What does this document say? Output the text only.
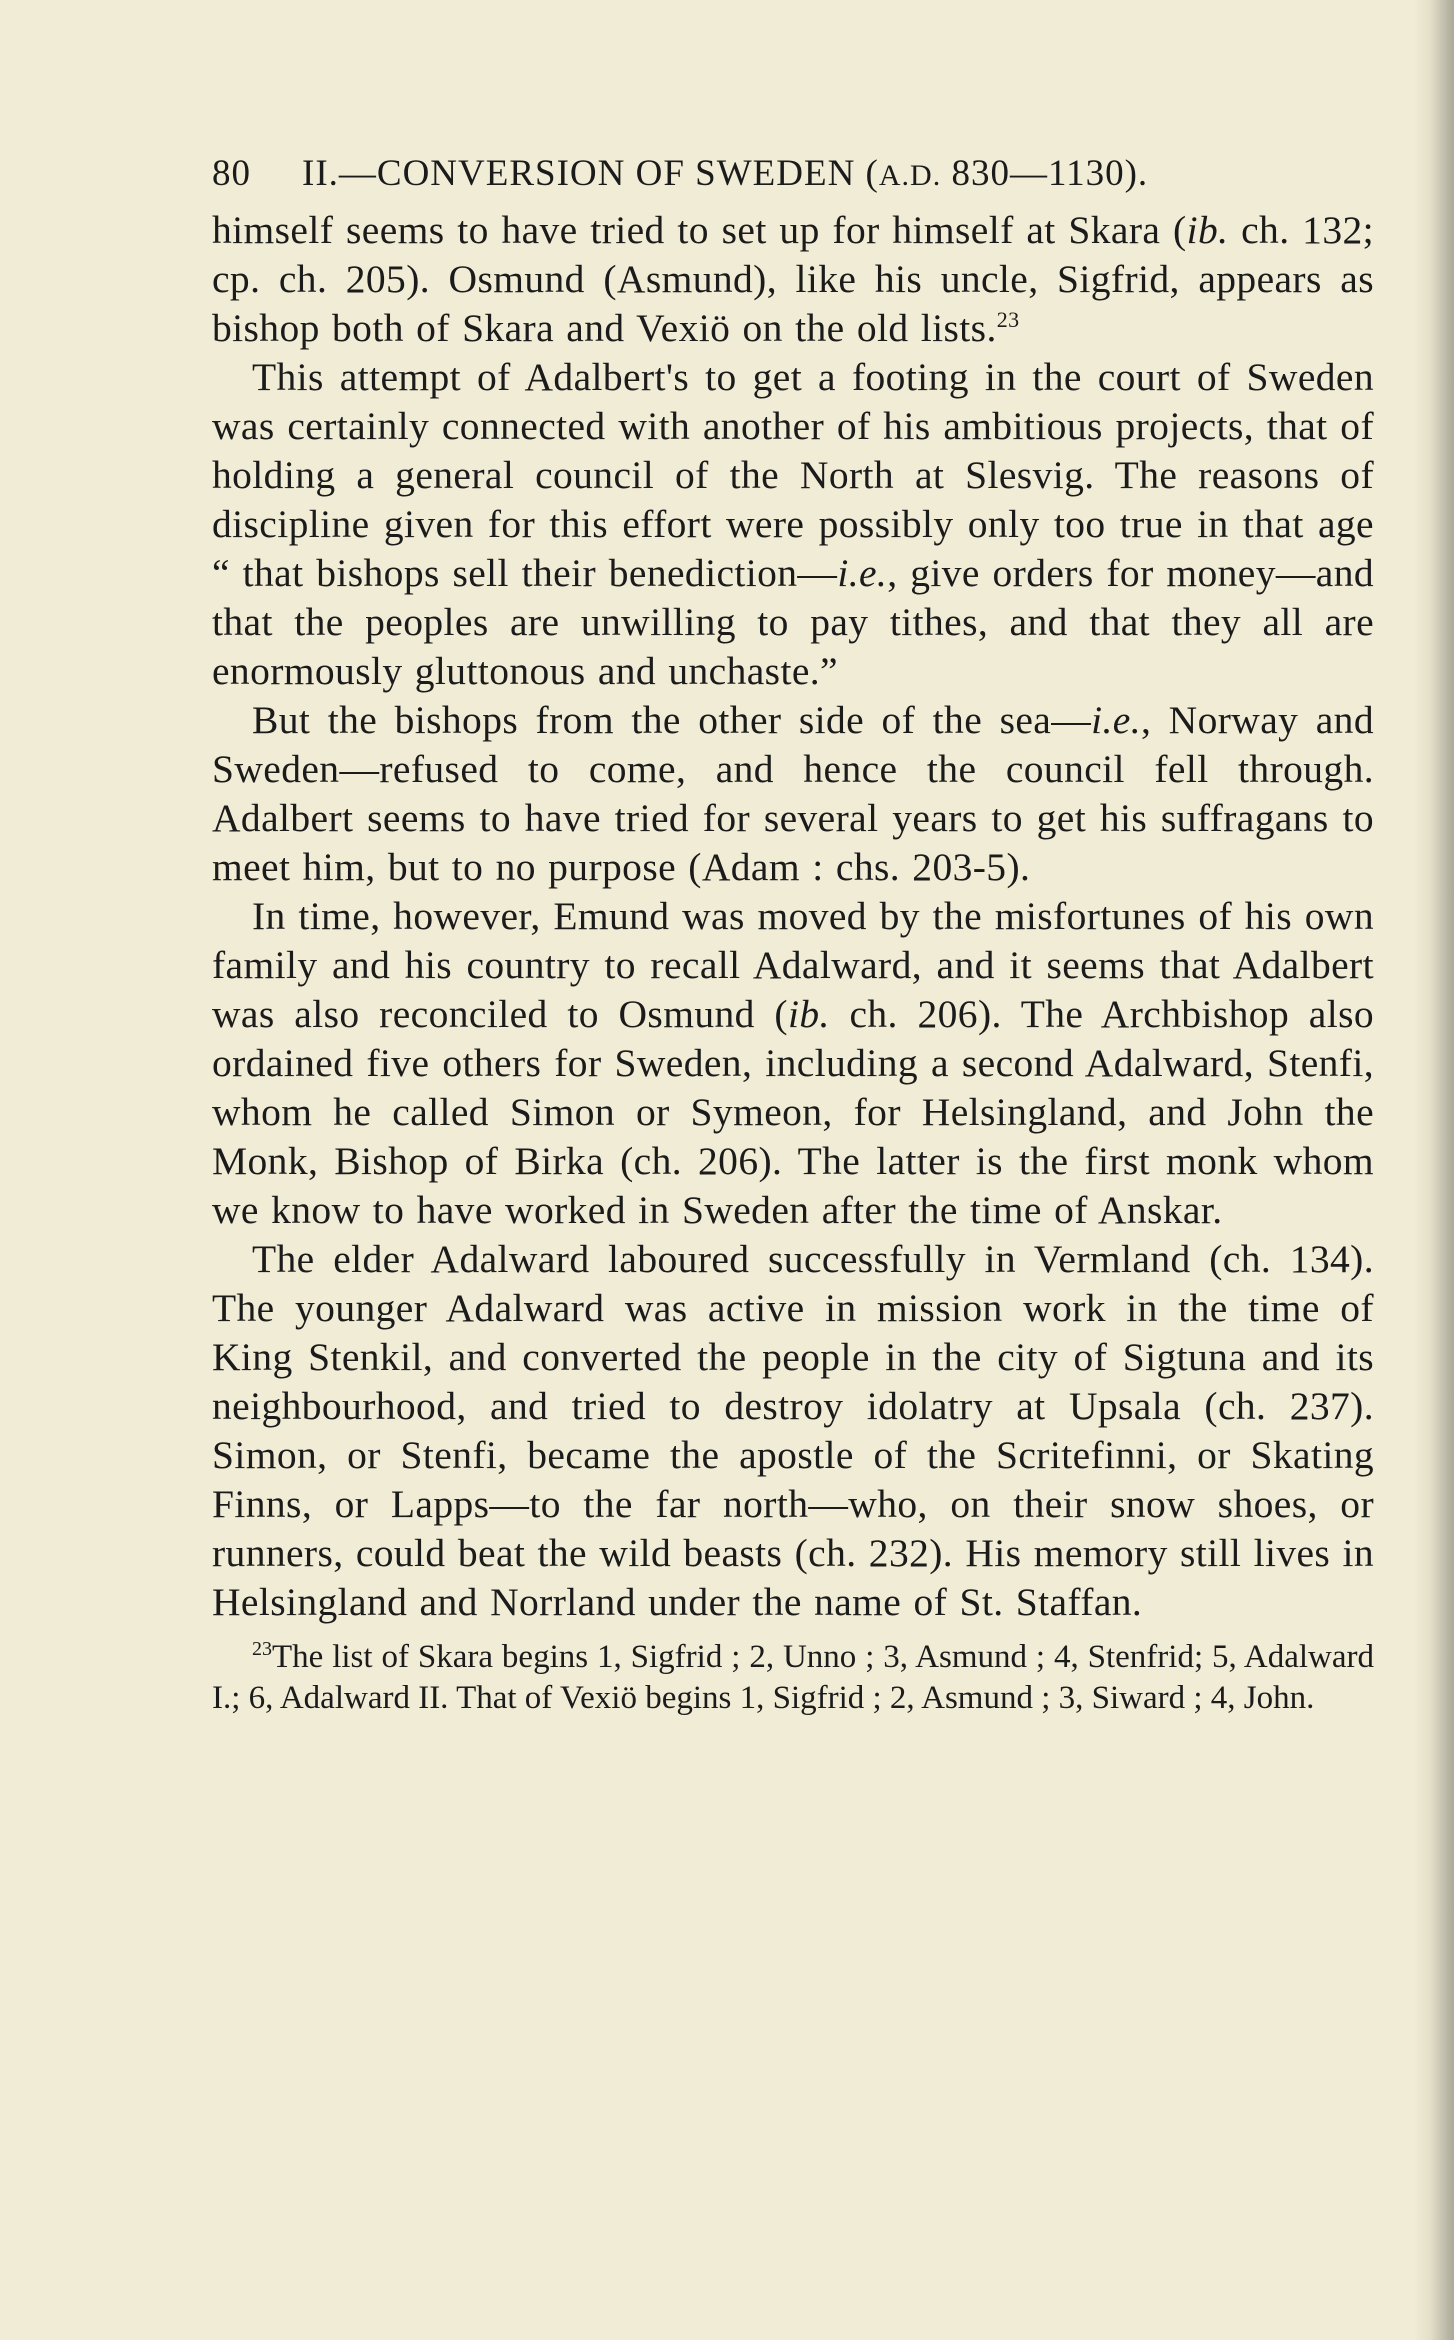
80 II.—CONVERSION OF SWEDEN (A.D. 830—1130).

himself seems to have tried to set up for himself at Skara (ib. ch. 132; cp. ch. 205). Osmund (Asmund), like his uncle, Sigfrid, appears as bishop both of Skara and Vexiö on the old lists.$^{23}$

This attempt of Adalbert's to get a footing in the court of Sweden was certainly connected with another of his ambitious projects, that of holding a general council of the North at Slesvig. The reasons of discipline given for this effort were possibly only too true in that age “ that bishops sell their benediction—i.e., give orders for money—and that the peoples are unwilling to pay tithes, and that they all are enormously gluttonous and unchaste.”

But the bishops from the other side of the sea—i.e., Norway and Sweden—refused to come, and hence the council fell through. Adalbert seems to have tried for several years to get his suffragans to meet him, but to no purpose (Adam : chs. 203-5).

In time, however, Emund was moved by the misfortunes of his own family and his country to recall Adalward, and it seems that Adalbert was also reconciled to Osmund (ib. ch. 206). The Archbishop also ordained five others for Sweden, including a second Adalward, Stenfi, whom he called Simon or Symeon, for Helsingland, and John the Monk, Bishop of Birka (ch. 206). The latter is the first monk whom we know to have worked in Sweden after the time of Anskar.

The elder Adalward laboured successfully in Vermland (ch. 134). The younger Adalward was active in mission work in the time of King Stenkil, and converted the people in the city of Sigtuna and its neighbourhood, and tried to destroy idolatry at Upsala (ch. 237). Simon, or Stenfi, became the apostle of the Scritefinni, or Skating Finns, or Lapps—to the far north—who, on their snow shoes, or runners, could beat the wild beasts (ch. 232). His memory still lives in Helsingland and Norrland under the name of St. Staffan.

$^{23}$The list of Skara begins 1, Sigfrid ; 2, Unno ; 3, Asmund ; 4, Stenfrid; 5, Adalward I.; 6, Adalward II. That of Vexiö begins 1, Sigfrid ; 2, Asmund ; 3, Siward ; 4, John.
